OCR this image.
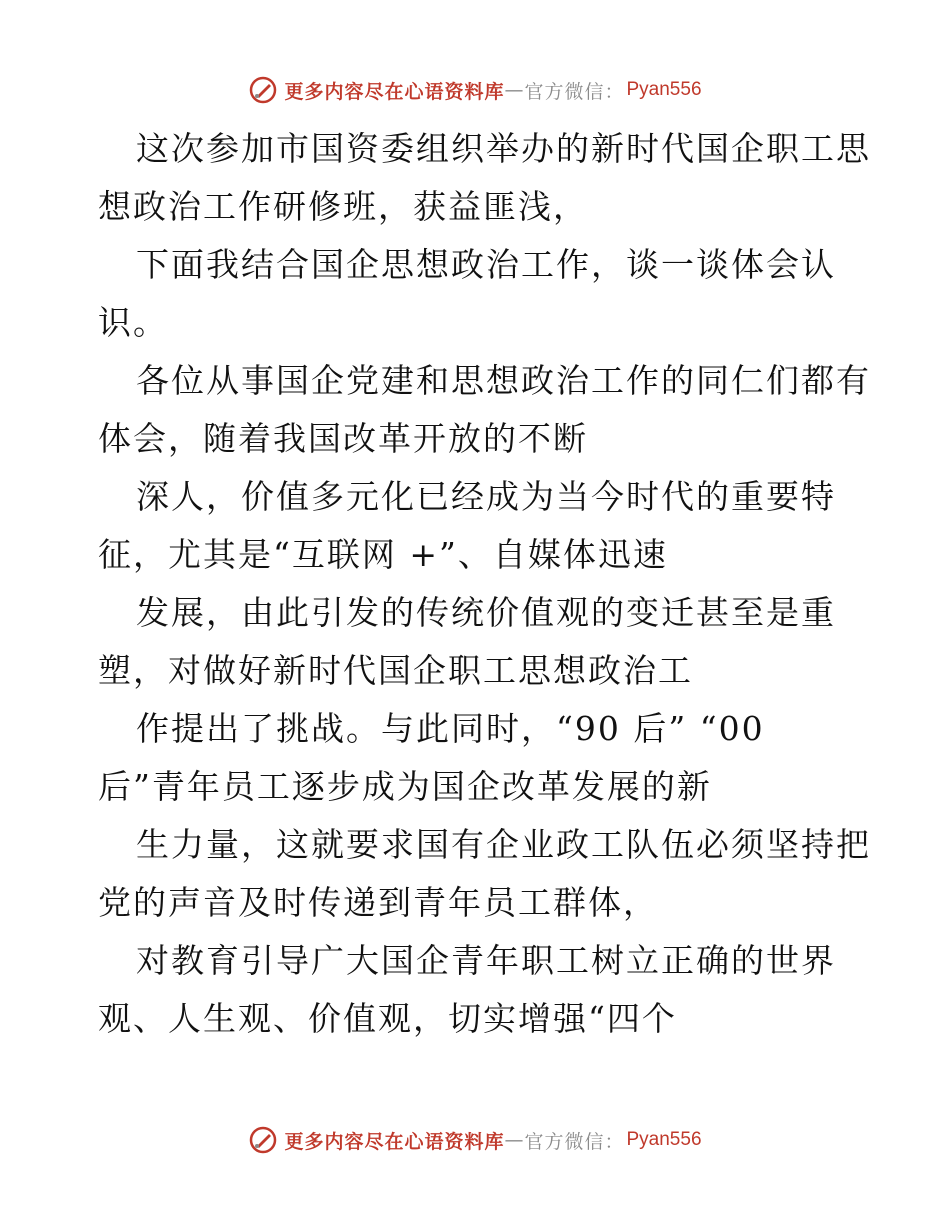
更多内容尽在心语资料库 — 官方微信： Pyan556
这次参加市国资委组织举办的新时代国企职工思
想政治工作研修班，获益匪浅，
下面我结合国企思想政治工作，谈一谈体会认
识。
各位从事国企党建和思想政治工作的同仁们都有
体会，随着我国改革开放的不断
深人，价值多元化已经成为当今时代的重要特
征，尤其是“互联网 +”、自媒体迅速
发展，由此引发的传统价值观的变迁甚至是重
塑，对做好新时代国企职工思想政治工
作提出了挑战。与此同时，“90 后” “00
后”青年员工逐步成为国企改革发展的新
生力量，这就要求国有企业政工队伍必须坚持把
党的声音及时传递到青年员工群体，
对教育引导广大国企青年职工树立正确的世界
观、人生观、价值观，切实增强“四个
更多内容尽在心语资料库 — 官方微信： Pyan556
